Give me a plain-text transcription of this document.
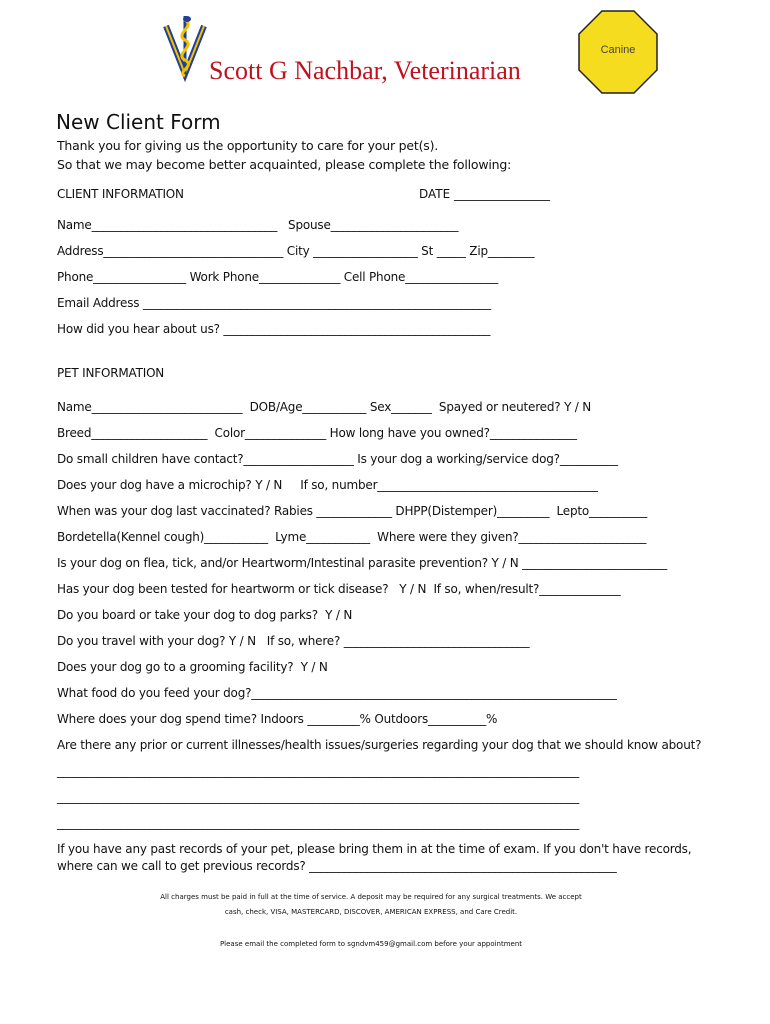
Scott G Nachbar, Veterinarian
Canine
New Client Form
Thank you for giving us the opportunity to care for your pet(s).
So that we may become better acquainted, please complete the following:
CLIENT INFORMATION	DATE ________________
Name________________________________   Spouse______________________
Address_______________________________ City __________________ St _____ Zip________
Phone________________ Work Phone______________ Cell Phone________________
Email Address ____________________________________________________________
How did you hear about us? ______________________________________________
PET INFORMATION
Name__________________________  DOB/Age___________ Sex_______  Spayed or neutered? Y / N
Breed____________________  Color______________ How long have you owned?_______________
Do small children have contact?___________________ Is your dog a working/service dog?__________
Does your dog have a microchip? Y / N     If so, number______________________________________
When was your dog last vaccinated? Rabies _____________ DHPP(Distemper)_________  Lepto__________
Bordetella(Kennel cough)___________  Lyme___________  Where were they given?______________________
Is your dog on flea, tick, and/or Heartworm/Intestinal parasite prevention? Y / N _________________________
Has your dog been tested for heartworm or tick disease?   Y / N  If so, when/result?______________
Do you board or take your dog to dog parks?  Y / N
Do you travel with your dog? Y / N   If so, where? ________________________________
Does your dog go to a grooming facility?  Y / N
What food do you feed your dog?_______________________________________________________________
Where does your dog spend time? Indoors _________% Outdoors__________%
Are there any prior or current illnesses/health issues/surgeries regarding your dog that we should know about?
__________________________________________________________________________________________
__________________________________________________________________________________________
__________________________________________________________________________________________
If you have any past records of your pet, please bring them in at the time of exam. If you don't have records,
where can we call to get previous records? _____________________________________________________
All charges must be paid in full at the time of service. A deposit may be required for any surgical treatments. We accept
cash, check, VISA, MASTERCARD, DISCOVER, AMERICAN EXPRESS, and Care Credit.
Please email the completed form to sgndvm459@gmail.com before your appointment
